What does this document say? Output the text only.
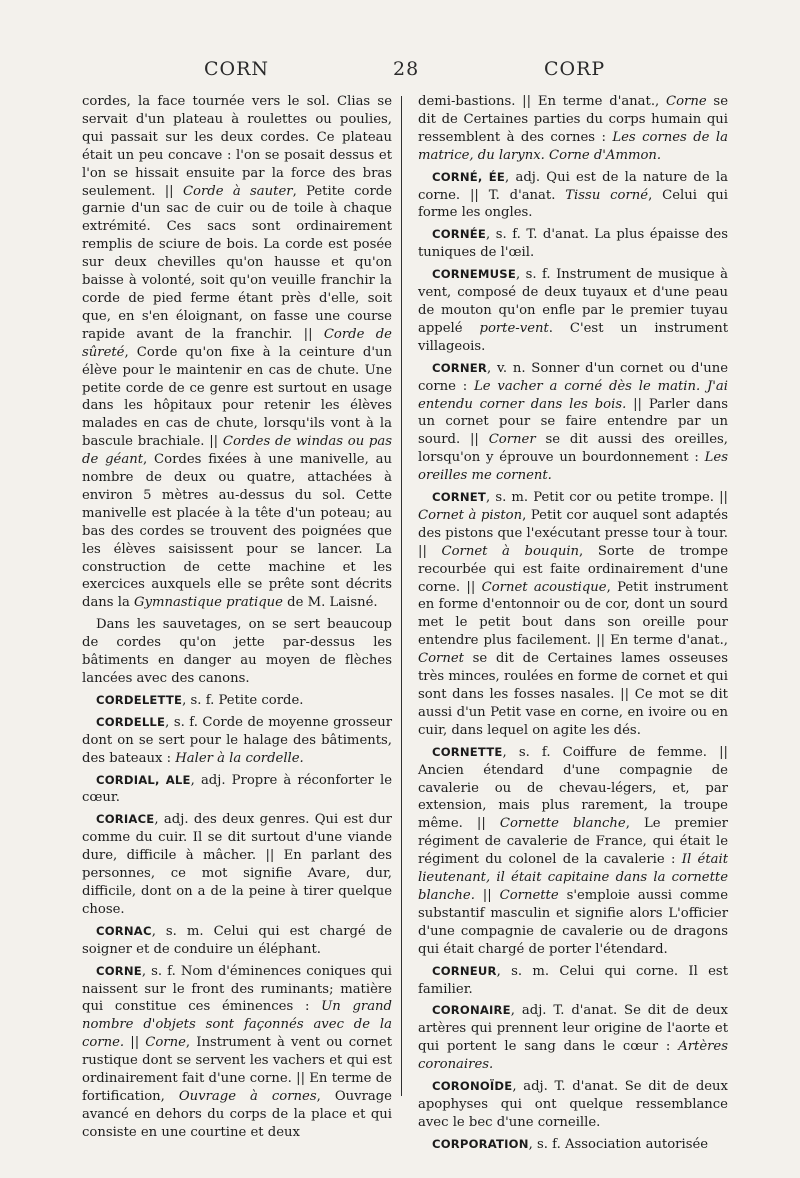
CORN	28	CORP

cordes, la face tournée vers le sol. Clias se servait d'un plateau à roulettes ou poulies, qui passait sur les deux cordes. Ce plateau était un peu concave : l'on se posait dessus et l'on se hissait ensuite par la force des bras seulement. || Corde à sauter, Petite corde garnie d'un sac de cuir ou de toile à chaque extrémité. Ces sacs sont ordinairement remplis de sciure de bois. La corde est posée sur deux chevilles qu'on hausse et qu'on baisse à volonté, soit qu'on veuille franchir la corde de pied ferme étant près d'elle, soit que, en s'en éloignant, on fasse une course rapide avant de la franchir. || Corde de sûreté, Corde qu'on fixe à la ceinture d'un élève pour le maintenir en cas de chute. Une petite corde de ce genre est surtout en usage dans les hôpitaux pour retenir les élèves malades en cas de chute, lorsqu'ils vont à la bascule brachiale. || Cordes de windas ou pas de géant, Cordes fixées à une manivelle, au nombre de deux ou quatre, attachées à environ 5 mètres au-dessus du sol. Cette manivelle est placée à la tête d'un poteau; au bas des cordes se trouvent des poignées que les élèves saisissent pour se lancer. La construction de cette machine et les exercices auxquels elle se prête sont décrits dans la Gymnastique pratique de M. Laisné.

Dans les sauvetages, on se sert beaucoup de cordes qu'on jette par-dessus les bâtiments en danger au moyen de flèches lancées avec des canons.

CORDELETTE, s. f. Petite corde.

CORDELLE, s. f. Corde de moyenne grosseur dont on se sert pour le halage des bâtiments, des bateaux : Haler à la cordelle.

CORDIAL, ALE, adj. Propre à réconforter le cœur.

CORIACE, adj. des deux genres. Qui est dur comme du cuir. Il se dit surtout d'une viande dure, difficile à mâcher. || En parlant des personnes, ce mot signifie Avare, dur, difficile, dont on a de la peine à tirer quelque chose.

CORNAC, s. m. Celui qui est chargé de soigner et de conduire un éléphant.

CORNE, s. f. Nom d'éminences coniques qui naissent sur le front des ruminants; matière qui constitue ces éminences : Un grand nombre d'objets sont façonnés avec de la corne. || Corne, Instrument à vent ou cornet rustique dont se servent les vachers et qui est ordinairement fait d'une corne. || En terme de fortification, Ouvrage à cornes, Ouvrage avancé en dehors du corps de la place et qui consiste en une courtine et deux

demi-bastions. || En terme d'anat., Corne se dit de Certaines parties du corps humain qui ressemblent à des cornes : Les cornes de la matrice, du larynx. Corne d'Ammon.

CORNÉ, ÉE, adj. Qui est de la nature de la corne. || T. d'anat. Tissu corné, Celui qui forme les ongles.

CORNÉE, s. f. T. d'anat. La plus épaisse des tuniques de l'œil.

CORNEMUSE, s. f. Instrument de musique à vent, composé de deux tuyaux et d'une peau de mouton qu'on enfle par le premier tuyau appelé porte-vent. C'est un instrument villageois.

CORNER, v. n. Sonner d'un cornet ou d'une corne : Le vacher a corné dès le matin. J'ai entendu corner dans les bois. || Parler dans un cornet pour se faire entendre par un sourd. || Corner se dit aussi des oreilles, lorsqu'on y éprouve un bourdonnement : Les oreilles me cornent.

CORNET, s. m. Petit cor ou petite trompe. || Cornet à piston, Petit cor auquel sont adaptés des pistons que l'exécutant presse tour à tour. || Cornet à bouquin, Sorte de trompe recourbée qui est faite ordinairement d'une corne. || Cornet acoustique, Petit instrument en forme d'entonnoir ou de cor, dont un sourd met le petit bout dans son oreille pour entendre plus facilement. || En terme d'anat., Cornet se dit de Certaines lames osseuses très minces, roulées en forme de cornet et qui sont dans les fosses nasales. || Ce mot se dit aussi d'un Petit vase en corne, en ivoire ou en cuir, dans lequel on agite les dés.

CORNETTE, s. f. Coiffure de femme. || Ancien étendard d'une compagnie de cavalerie ou de chevau-légers, et, par extension, mais plus rarement, la troupe même. || Cornette blanche, Le premier régiment de cavalerie de France, qui était le régiment du colonel de la cavalerie : Il était lieutenant, il était capitaine dans la cornette blanche. || Cornette s'emploie aussi comme substantif masculin et signifie alors L'officier d'une compagnie de cavalerie ou de dragons qui était chargé de porter l'étendard.

CORNEUR, s. m. Celui qui corne. Il est familier.

CORONAIRE, adj. T. d'anat. Se dit de deux artères qui prennent leur origine de l'aorte et qui portent le sang dans le cœur : Artères coronaires.

CORONOÏDE, adj. T. d'anat. Se dit de deux apophyses qui ont quelque ressemblance avec le bec d'une corneille.

CORPORATION, s. f. Association autorisée
